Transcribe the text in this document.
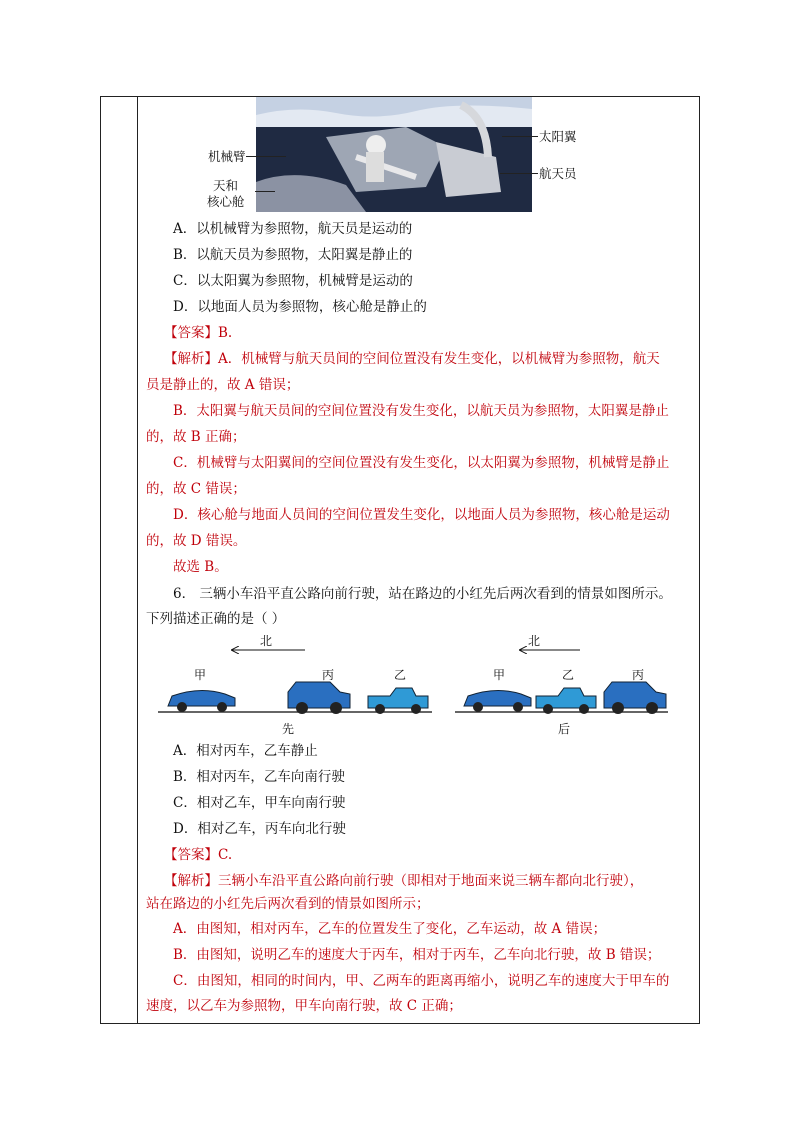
机械臂
天和
核心舱
太阳翼
航天员
A．以机械臂为参照物，航天员是运动的
B．以航天员为参照物，太阳翼是静止的
C．以太阳翼为参照物，机械臂是运动的
D．以地面人员为参照物，核心舱是静止的
【答案】B.
【解析】A．机械臂与航天员间的空间位置没有发生变化，以机械臂为参照物，航天
员是静止的，故 A 错误；
B．太阳翼与航天员间的空间位置没有发生变化，以航天员为参照物，太阳翼是静止
的，故 B 正确；
C．机械臂与太阳翼间的空间位置没有发生变化，以太阳翼为参照物，机械臂是静止
的，故 C 错误；
D．核心舱与地面人员间的空间位置发生变化，以地面人员为参照物，核心舱是运动
的，故 D 错误。
故选 B。
6． 三辆小车沿平直公路向前行驶，站在路边的小红先后两次看到的情景如图所示。
下列描述正确的是（ ）
北	北
甲	丙	乙	甲	乙	丙
先	后
A．相对丙车，乙车静止
B．相对丙车，乙车向南行驶
C．相对乙车，甲车向南行驶
D．相对乙车，丙车向北行驶
【答案】C.
【解析】三辆小车沿平直公路向前行驶（即相对于地面来说三辆车都向北行驶），
站在路边的小红先后两次看到的情景如图所示；
A．由图知，相对丙车，乙车的位置发生了变化，乙车运动，故 A 错误；
B．由图知，说明乙车的速度大于丙车，相对于丙车，乙车向北行驶，故 B 错误；
C．由图知，相同的时间内，甲、乙两车的距离再缩小，说明乙车的速度大于甲车的
速度，以乙车为参照物，甲车向南行驶，故 C 正确；
